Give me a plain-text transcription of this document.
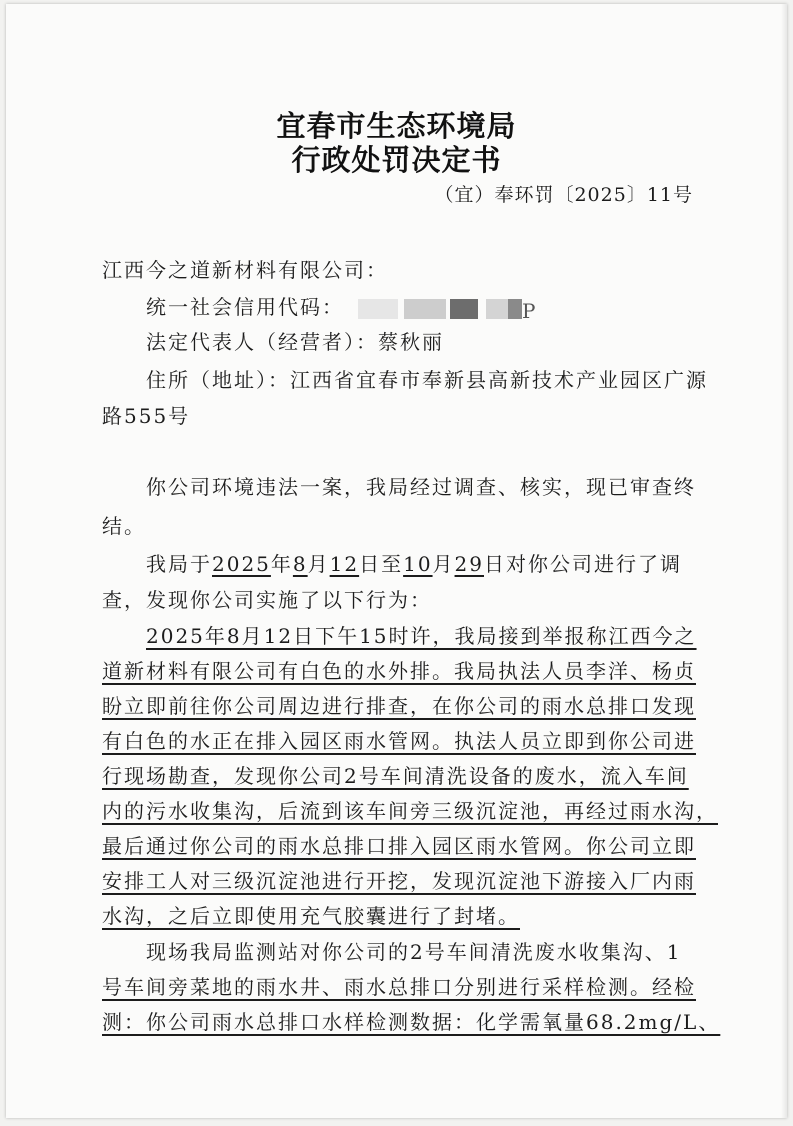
宜春市生态环境局
行政处罚决定书
（宜）奉环罚〔2025〕11号
江西今之道新材料有限公司：
统一社会信用代码：	P
法定代表人（经营者）：蔡秋丽
住所（地址）：江西省宜春市奉新县高新技术产业园区广源
路555号
你公司环境违法一案，我局经过调查、核实，现已审查终
结。
我局于2025年8月12日至10月29日对你公司进行了调
查，发现你公司实施了以下行为：
2025年8月12日下午15时许，我局接到举报称江西今之
道新材料有限公司有白色的水外排。我局执法人员李洋、杨贞
盼立即前往你公司周边进行排查，在你公司的雨水总排口发现
有白色的水正在排入园区雨水管网。执法人员立即到你公司进
行现场勘查，发现你公司2号车间清洗设备的废水，流入车间
内的污水收集沟，后流到该车间旁三级沉淀池，再经过雨水沟，
最后通过你公司的雨水总排口排入园区雨水管网。你公司立即
安排工人对三级沉淀池进行开挖，发现沉淀池下游接入厂内雨
水沟，之后立即使用充气胶囊进行了封堵。
现场我局监测站对你公司的2号车间清洗废水收集沟、1
号车间旁菜地的雨水井、雨水总排口分别进行采样检测。经检
测：你公司雨水总排口水样检测数据：化学需氧量68.2mg/L、
